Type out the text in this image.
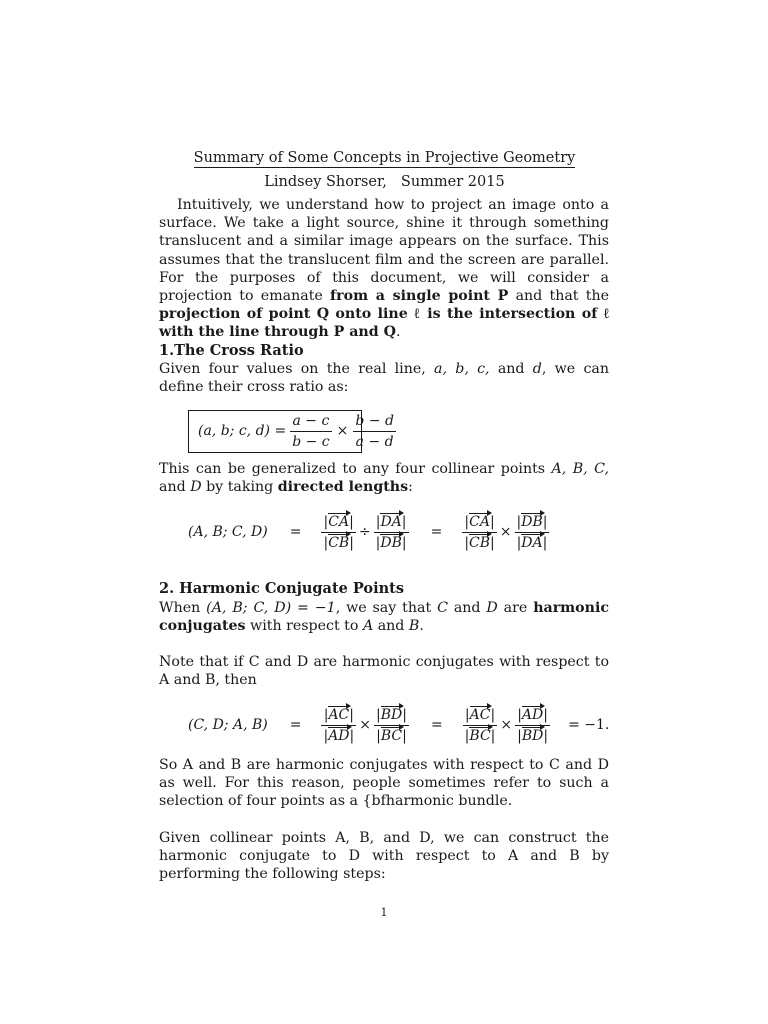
Summary of Some Concepts in Projective Geometry
Lindsey Shorser, Summer 2015
Intuitively, we understand how to project an image onto a surface. We take a light source, shine it through something translucent and a similar image appears on the surface. This assumes that the translucent film and the screen are parallel. For the purposes of this document, we will consider a projection to emanate from a single point P and that the projection of point Q onto line ℓ is the intersection of ℓ with the line through P and Q.
1.The Cross Ratio
Given four values on the real line, a, b, c, and d, we can define their cross ratio as:
(a, b; c, $d) = \frac{a - c}{b - c} \times \frac{b - d}{a - d}$
This can be generalized to any four collinear points A, B, C, and D by taking directed lengths:
(A, B; C, $D) = \frac{|CA|}{|CB|} \div \frac{|DA|}{|DB|} = \frac{|CA|}{|CB|} \times \frac{|DB|}{|DA|}$
2. Harmonic Conjugate Points
When (A, B; C, D) = −1, we say that C and D are harmonic conjugates with respect to A and B.
Note that if C and D are harmonic conjugates with respect to A and B, then
(C, D; A, $B) = \frac{|AC|}{|AD|} \times \frac{|BD|}{|BC|} = \frac{|AC|}{|BC|} \times \frac{|AD|}{|BD|} = -1$.
So A and B are harmonic conjugates with respect to C and D as well. For this reason, people sometimes refer to such a selection of four points as a {bfharmonic bundle.
Given collinear points A, B, and D, we can construct the harmonic conjugate to D with respect to A and B by performing the following steps:
1
